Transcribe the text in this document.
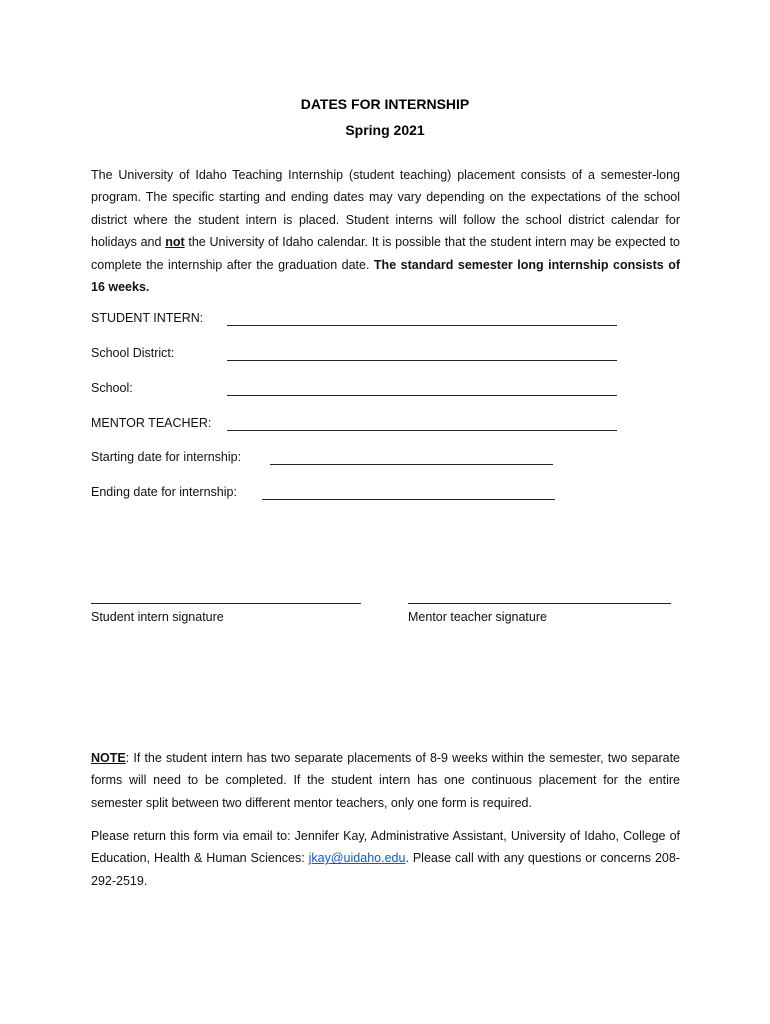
DATES FOR INTERNSHIP
Spring 2021

The University of Idaho Teaching Internship (student teaching) placement consists of a semester-long program. The specific starting and ending dates may vary depending on the expectations of the school district where the student intern is placed. Student interns will follow the school district calendar for holidays and not the University of Idaho calendar. It is possible that the student intern may be expected to complete the internship after the graduation date. The standard semester long internship consists of 16 weeks.

STUDENT INTERN:
School District:
School:
MENTOR TEACHER:
Starting date for internship:
Ending date for internship:
Student intern signature	Mentor teacher signature

NOTE: If the student intern has two separate placements of 8-9 weeks within the semester, two separate forms will need to be completed. If the student intern has one continuous placement for the entire semester split between two different mentor teachers, only one form is required.

Please return this form via email to: Jennifer Kay, Administrative Assistant, University of Idaho, College of Education, Health & Human Sciences: jkay@uidaho.edu. Please call with any questions or concerns 208-292-2519.
